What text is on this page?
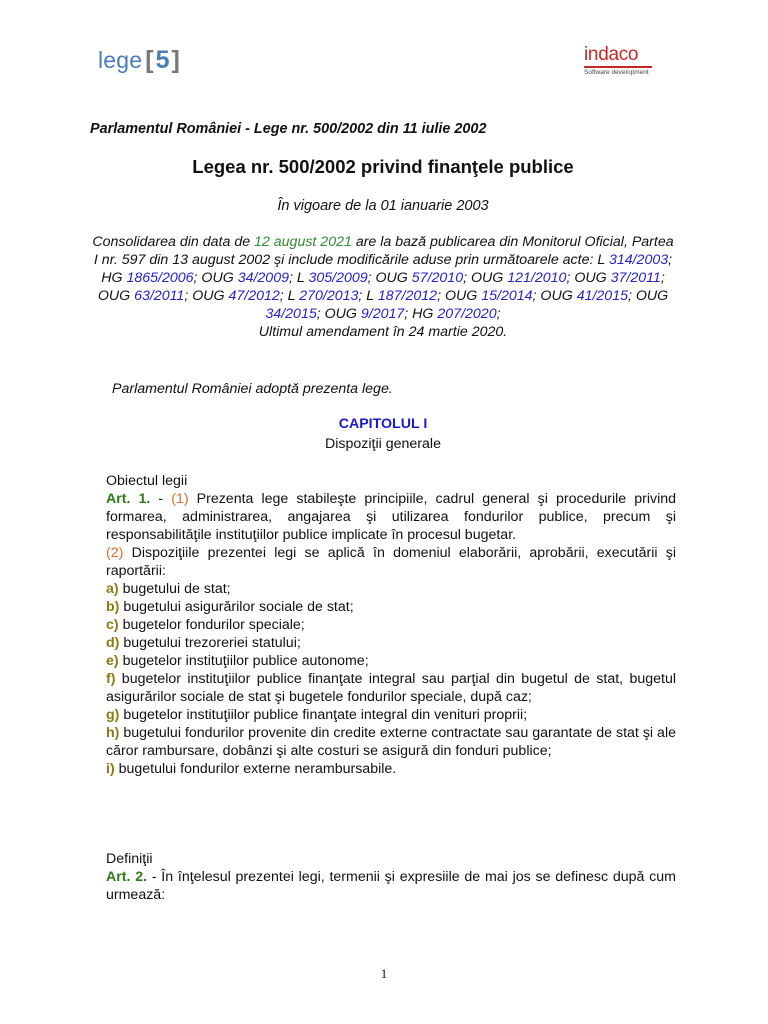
lege [ 5 ]	indaco
Software development
Parlamentul României - Lege nr. 500/2002 din 11 iulie 2002
Legea nr. 500/2002 privind finanţele publice
În vigoare de la 01 ianuarie 2003
Consolidarea din data de 12 august 2021 are la bază publicarea din Monitorul Oficial, Partea I nr. 597 din 13 august 2002 şi include modificările aduse prin următoarele acte: L 314/2003; HG 1865/2006; OUG 34/2009; L 305/2009; OUG 57/2010; OUG 121/2010; OUG 37/2011; OUG 63/2011; OUG 47/2012; L 270/2013; L 187/2012; OUG 15/2014; OUG 41/2015; OUG 34/2015; OUG 9/2017; HG 207/2020;
Ultimul amendament în 24 martie 2020.
Parlamentul României adoptă prezenta lege.
CAPITOLUL I
Dispoziţii generale
Obiectul legii
Art. 1. - (1) Prezenta lege stabileşte principiile, cadrul general şi procedurile privind formarea, administrarea, angajarea şi utilizarea fondurilor publice, precum şi responsabilităţile instituţiilor publice implicate în procesul bugetar.
(2) Dispoziţiile prezentei legi se aplică în domeniul elaborării, aprobării, executării şi raportării:
a) bugetului de stat;
b) bugetului asigurărilor sociale de stat;
c) bugetelor fondurilor speciale;
d) bugetului trezoreriei statului;
e) bugetelor instituţiilor publice autonome;
f) bugetelor instituţiilor publice finanţate integral sau parţial din bugetul de stat, bugetul asigurărilor sociale de stat şi bugetele fondurilor speciale, după caz;
g) bugetelor instituţiilor publice finanţate integral din venituri proprii;
h) bugetului fondurilor provenite din credite externe contractate sau garantate de stat şi ale căror rambursare, dobânzi şi alte costuri se asigură din fonduri publice;
i) bugetului fondurilor externe nerambursabile.
Definiţii
Art. 2. - În înţelesul prezentei legi, termenii şi expresiile de mai jos se definesc după cum urmează:
1
